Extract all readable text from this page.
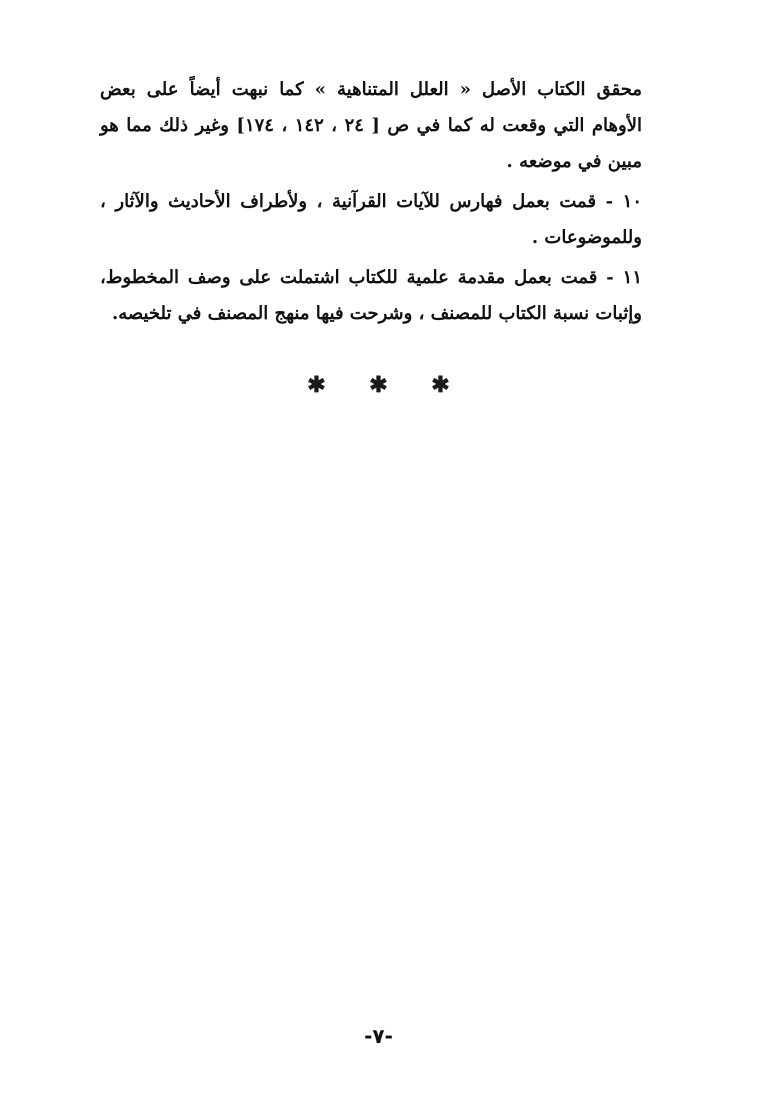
محقق الكتاب الأصل « العلل المتناهية » كما نبهت أيضاً على بعض الأوهام التي وقعت له كما في ص [ ٢٤ ، ١٤٢ ، ١٧٤] وغير ذلك مما هو مبين في موضعه .

١٠ - قمت بعمل فهارس للآيات القرآنية ، ولأطراف الأحاديث والآثار ، وللموضوعات .

١١ - قمت بعمل مقدمة علمية للكتاب اشتملت على وصف المخطوط، وإثبات نسبة الكتاب للمصنف ، وشرحت فيها منهج المصنف في تلخيصه.

✱ ✱ ✱
-٧-
